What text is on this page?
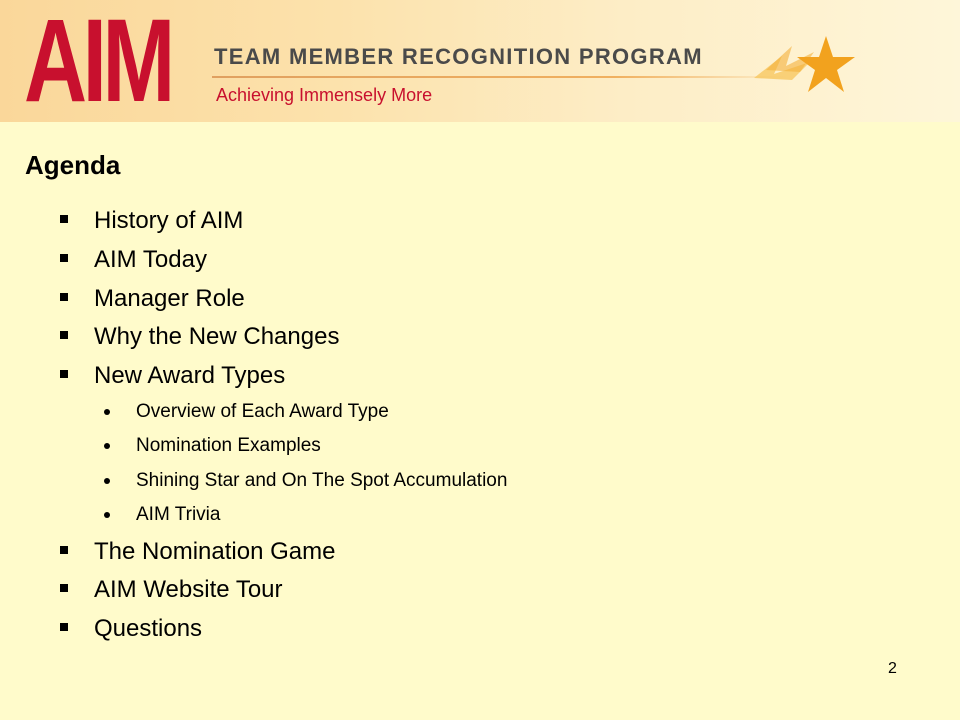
AIM TEAM MEMBER RECOGNITION PROGRAM
Achieving Immensely More
Agenda
History of AIM
AIM Today
Manager Role
Why the New Changes
New Award Types
Overview of Each Award Type
Nomination Examples
Shining Star and On The Spot Accumulation
AIM Trivia
The Nomination Game
AIM Website Tour
Questions
2
